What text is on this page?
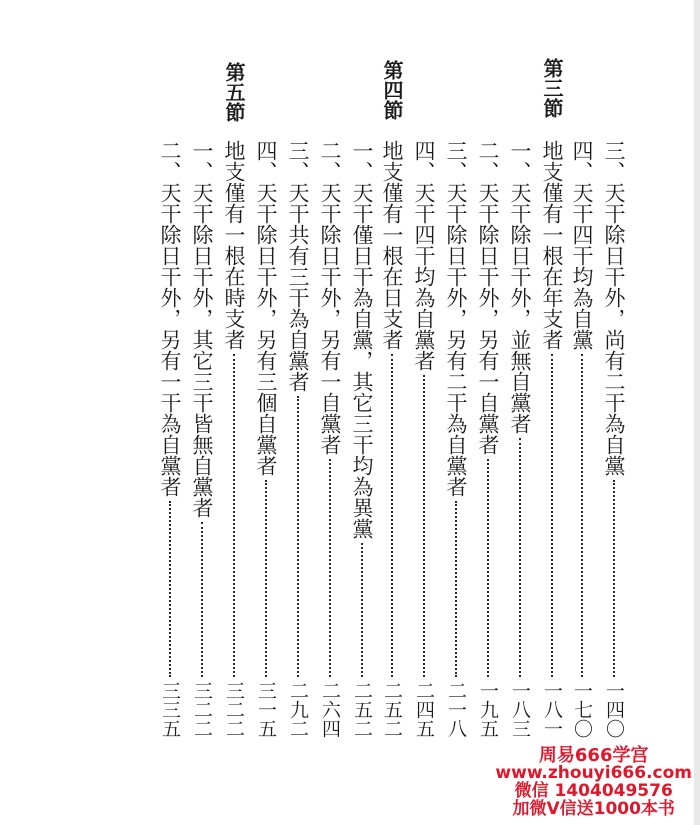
三、天干除日干外，尚有二干為自黨
一四〇
四、天干四干均為自黨
一七〇
第三節
地支僅有一根在年支者
一八一
一、天干除日干外，並無自黨者
一八三
二、天干除日干外，另有一自黨者
一九五
三、天干除日干外，另有二干為自黨者
二一八
四、天干四干均為自黨者
二四五
地支僅有一根在日支者
二五二
第四節
一、天干僅日干為自黨，其它三干均為異黨
二五二
二、天干除日干外，另有一自黨者
二六四
三、天干共有三干為自黨者
二九二
四、天干除日干外，另有三個自黨者
三一五
地支僅有一根在時支者
三二二
第五節
一、天干除日干外，其它三干皆無自黨者
三二二
二、天干除日干外，另有一干為自黨者
三三五
周易666学宫
www.zhouyi666.com
微信 1404049576
加微V信送1000本书
